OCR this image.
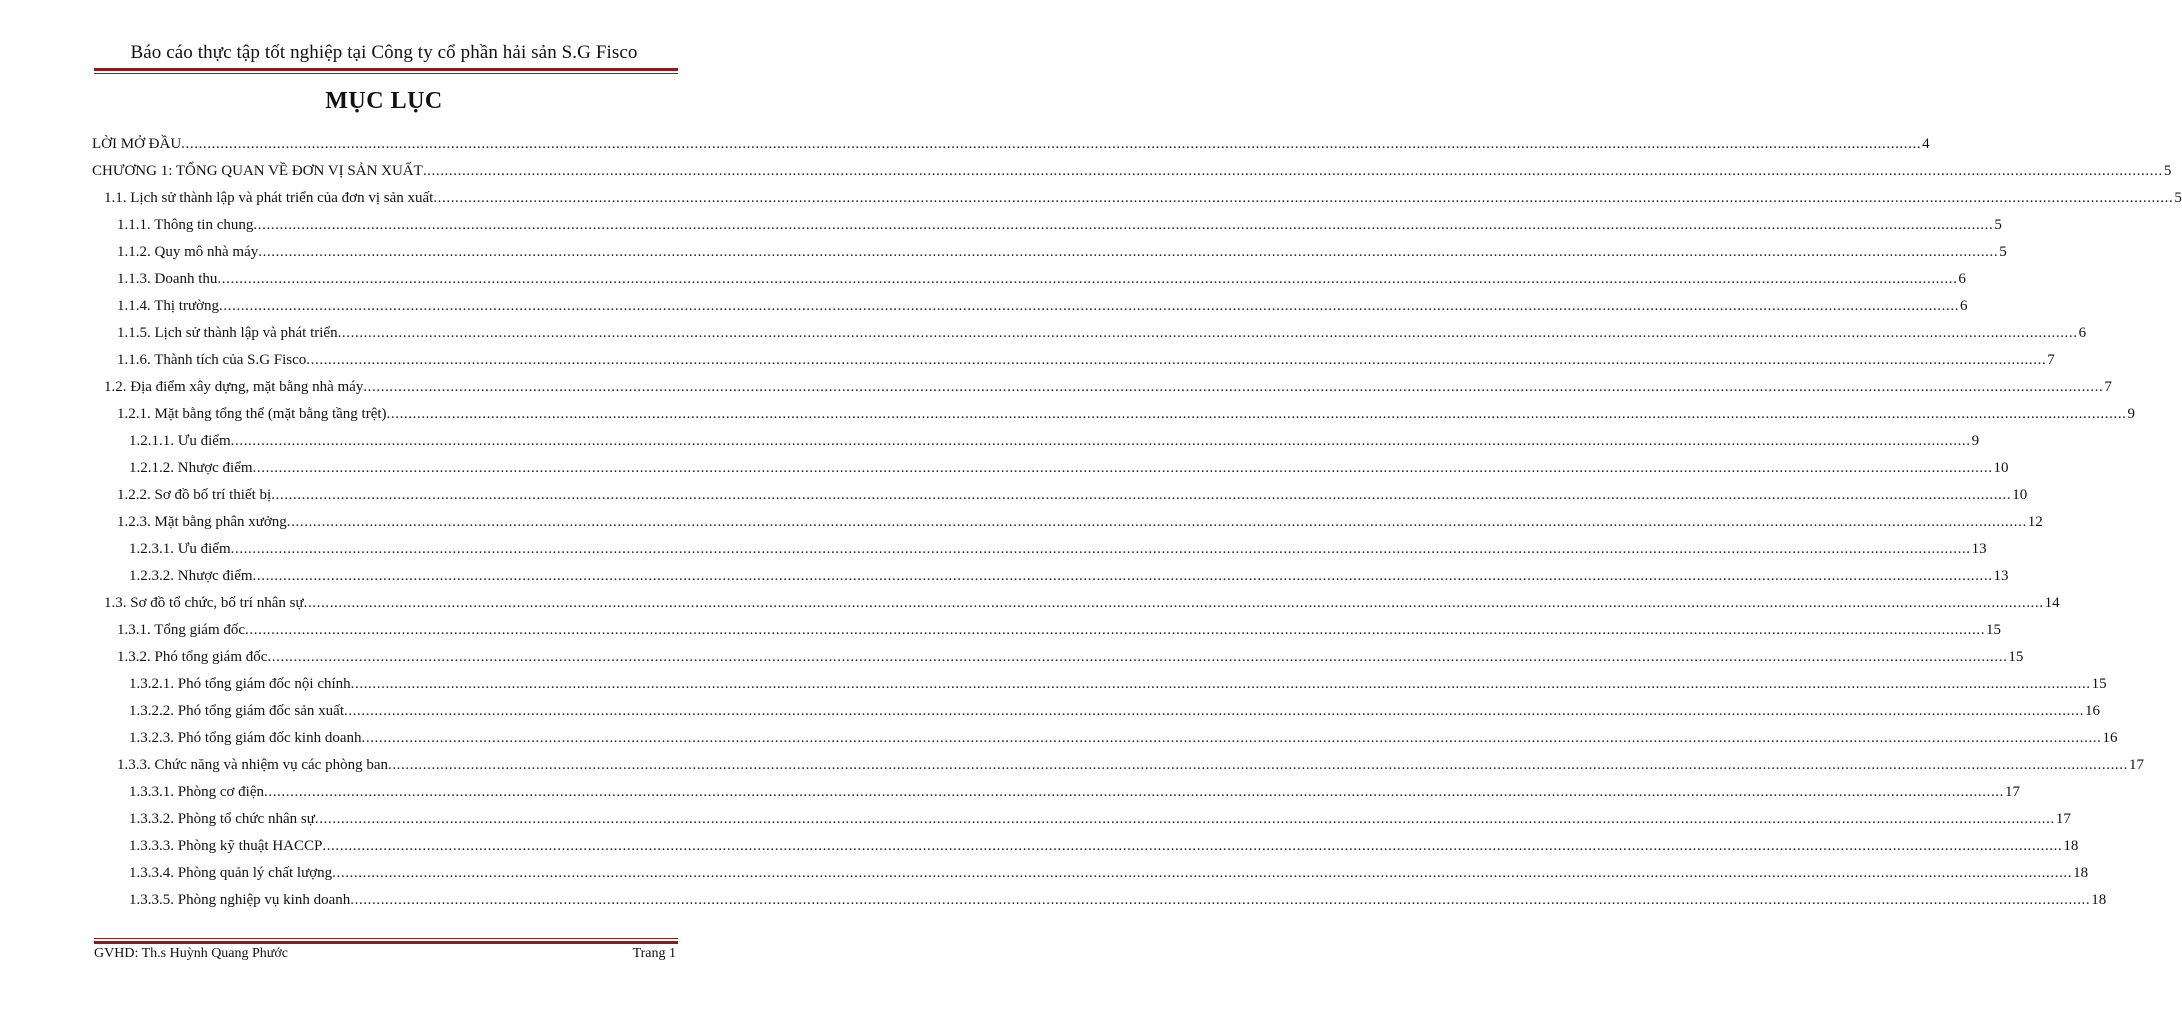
Báo cáo thực tập tốt nghiệp tại Công ty cổ phần hải sản S.G Fisco
MỤC LỤC
LỜI MỞ ĐẦU ................................................................................................................................................................................................................................................................................................................................................................................................................ 4
CHƯƠNG 1: TỔNG QUAN VỀ ĐƠN VỊ SẢN XUẤT ................................................................................................................................................................................................................................................................................................................................................................................................................ 5
1.1. Lịch sử thành lập và phát triển của đơn vị sản xuất ................................................................................................................................................................................................................................................................................................................................................................................................................ 5
1.1.1. Thông tin chung ................................................................................................................................................................................................................................................................................................................................................................................................................ 5
1.1.2. Quy mô nhà máy ................................................................................................................................................................................................................................................................................................................................................................................................................ 5
1.1.3. Doanh thu ................................................................................................................................................................................................................................................................................................................................................................................................................ 6
1.1.4. Thị trường ................................................................................................................................................................................................................................................................................................................................................................................................................ 6
1.1.5. Lịch sử thành lập và phát triển ................................................................................................................................................................................................................................................................................................................................................................................................................ 6
1.1.6. Thành tích của S.G Fisco ................................................................................................................................................................................................................................................................................................................................................................................................................ 7
1.2. Địa điểm xây dựng, mặt bằng nhà máy ................................................................................................................................................................................................................................................................................................................................................................................................................ 7
1.2.1. Mặt bằng tổng thể (mặt bằng tầng trệt) ................................................................................................................................................................................................................................................................................................................................................................................................................ 9
1.2.1.1. Ưu điểm ................................................................................................................................................................................................................................................................................................................................................................................................................ 9
1.2.1.2. Nhược điểm ................................................................................................................................................................................................................................................................................................................................................................................................................ 10
1.2.2. Sơ đồ bố trí thiết bị ................................................................................................................................................................................................................................................................................................................................................................................................................ 10
1.2.3. Mặt bằng phân xưởng ................................................................................................................................................................................................................................................................................................................................................................................................................ 12
1.2.3.1. Ưu điểm ................................................................................................................................................................................................................................................................................................................................................................................................................ 13
1.2.3.2. Nhược điểm ................................................................................................................................................................................................................................................................................................................................................................................................................ 13
1.3. Sơ đồ tổ chức, bố trí nhân sự ................................................................................................................................................................................................................................................................................................................................................................................................................ 14
1.3.1. Tổng giám đốc ................................................................................................................................................................................................................................................................................................................................................................................................................ 15
1.3.2. Phó tổng giám đốc ................................................................................................................................................................................................................................................................................................................................................................................................................ 15
1.3.2.1. Phó tổng giám đốc nội chính ................................................................................................................................................................................................................................................................................................................................................................................................................ 15
1.3.2.2. Phó tổng giám đốc sản xuất ................................................................................................................................................................................................................................................................................................................................................................................................................ 16
1.3.2.3. Phó tổng giám đốc kinh doanh ................................................................................................................................................................................................................................................................................................................................................................................................................ 16
1.3.3. Chức năng và nhiệm vụ các phòng ban ................................................................................................................................................................................................................................................................................................................................................................................................................ 17
1.3.3.1. Phòng cơ điện ................................................................................................................................................................................................................................................................................................................................................................................................................ 17
1.3.3.2. Phòng tổ chức nhân sự ................................................................................................................................................................................................................................................................................................................................................................................................................ 17
1.3.3.3. Phòng kỹ thuật HACCP ................................................................................................................................................................................................................................................................................................................................................................................................................ 18
1.3.3.4. Phòng quản lý chất lượng ................................................................................................................................................................................................................................................................................................................................................................................................................ 18
1.3.3.5. Phòng nghiệp vụ kinh doanh ................................................................................................................................................................................................................................................................................................................................................................................................................ 18
GVHD: Th.s Huỳnh Quang Phước	Trang 1
